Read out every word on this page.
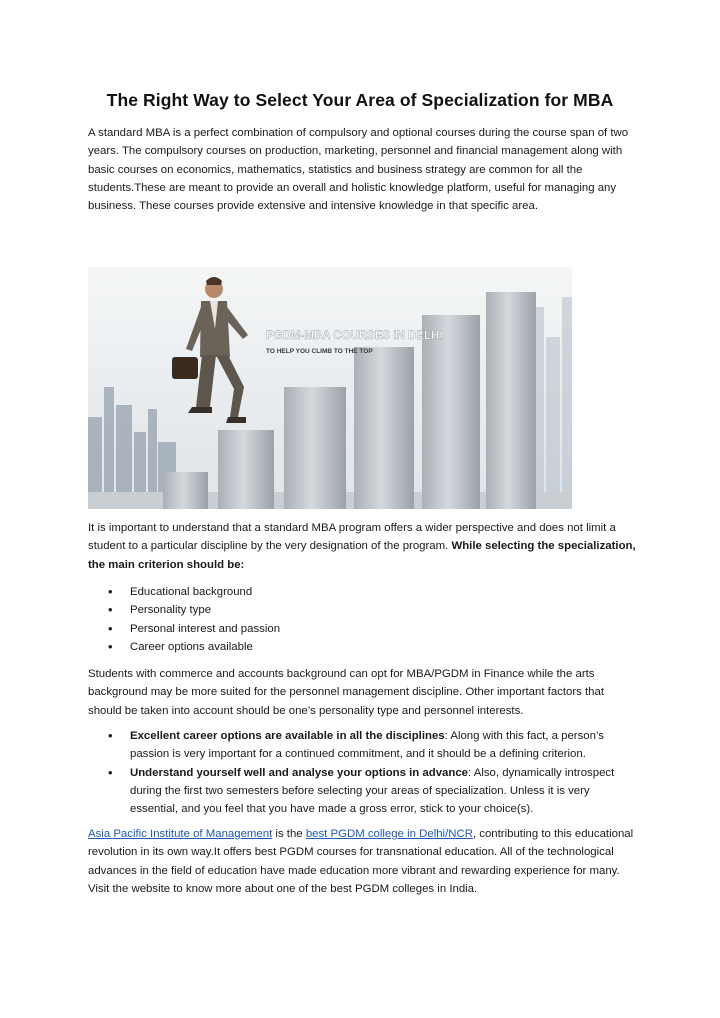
The Right Way to Select Your Area of Specialization for MBA

A standard MBA is a perfect combination of compulsory and optional courses during the course span of two years. The compulsory courses on production, marketing, personnel and financial management along with basic courses on economics, mathematics, statistics and business strategy are common for all the students.These are meant to provide an overall and holistic knowledge platform, useful for managing any business. These courses provide extensive and intensive knowledge in that specific area.

PGDM-MBA COURSES IN DELHI
TO HELP YOU CLIMB TO THE TOP

It is important to understand that a standard MBA program offers a wider perspective and does not limit a student to a particular discipline by the very designation of the program. While selecting the specialization, the main criterion should be:

• Educational background
• Personality type
• Personal interest and passion
• Career options available

Students with commerce and accounts background can opt for MBA/PGDM in Finance while the arts background may be more suited for the personnel management discipline. Other important factors that should be taken into account should be one’s personality type and personnel interests.

• Excellent career options are available in all the disciplines: Along with this fact, a person’s passion is very important for a continued commitment, and it should be a defining criterion.
• Understand yourself well and analyse your options in advance: Also, dynamically introspect during the first two semesters before selecting your areas of specialization. Unless it is very essential, and you feel that you have made a gross error, stick to your choice(s).

Asia Pacific Institute of Management is the best PGDM college in Delhi/NCR, contributing to this educational revolution in its own way.It offers best PGDM courses for transnational education. All of the technological advances in the field of education have made education more vibrant and rewarding experience for many. Visit the website to know more about one of the best PGDM colleges in India.
